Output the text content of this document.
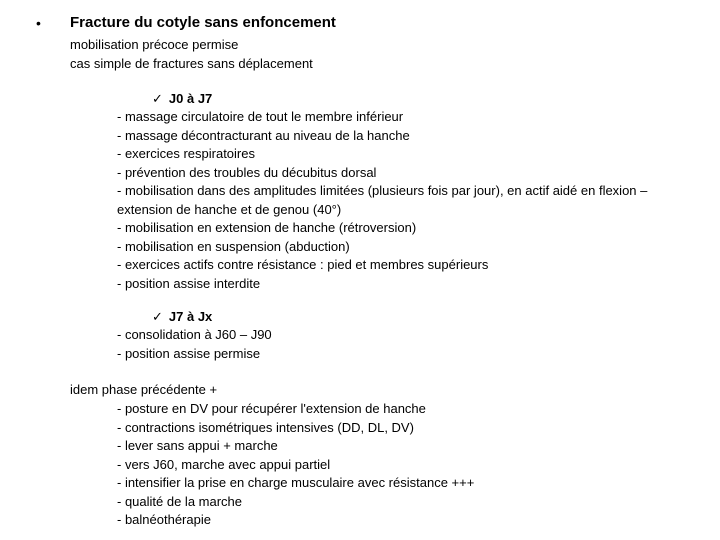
• Fracture du cotyle sans enfoncement
mobilisation précoce permise
cas simple de fractures sans déplacement
✓ J0 à J7
- massage circulatoire de tout le membre inférieur
- massage décontracturant au niveau de la hanche
- exercices respiratoires
- prévention des troubles du décubitus dorsal
- mobilisation dans des amplitudes limitées (plusieurs fois par jour), en actif aidé en flexion – extension de hanche et de genou (40°)
- mobilisation en extension de hanche (rétroversion)
- mobilisation en suspension (abduction)
- exercices actifs contre résistance : pied et membres supérieurs
- position assise interdite
✓ J7 à Jx
- consolidation à J60 – J90
- position assise permise
idem phase précédente +
- posture en DV pour récupérer l'extension de hanche
- contractions isométriques intensives (DD, DL, DV)
- lever sans appui + marche
- vers J60, marche avec appui partiel
- intensifier la prise en charge musculaire avec résistance +++
- qualité de la marche
- balnéothérapie
